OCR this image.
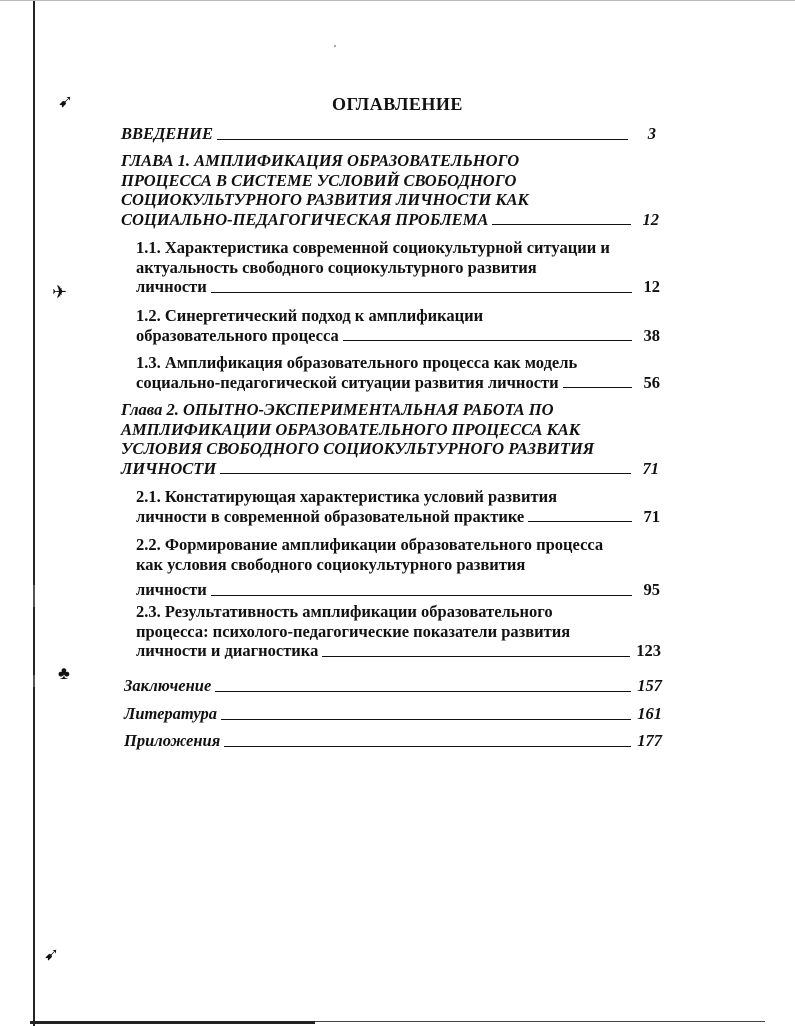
➹
✈
♣
➹
ОГЛАВЛЕНИЕ
ВВЕДЕНИЕ	3
ГЛАВА 1. АМПЛИФИКАЦИЯ ОБРАЗОВАТЕЛЬНОГО
ПРОЦЕССА В СИСТЕМЕ УСЛОВИЙ СВОБОДНОГО
СОЦИОКУЛЬТУРНОГО РАЗВИТИЯ ЛИЧНОСТИ КАК
СОЦИАЛЬНО-ПЕДАГОГИЧЕСКАЯ ПРОБЛЕМА	12
1.1. Характеристика современной социокультурной ситуации и
актуальность свободного социокультурного развития
личности	12
1.2. Синергетический подход к амплификации
образовательного процесса	38
1.3. Амплификация образовательного процесса как модель
социально-педагогической ситуации развития личности	56
Глава 2. ОПЫТНО-ЭКСПЕРИМЕНТАЛЬНАЯ РАБОТА ПО
АМПЛИФИКАЦИИ ОБРАЗОВАТЕЛЬНОГО ПРОЦЕССА КАК
УСЛОВИЯ СВОБОДНОГО СОЦИОКУЛЬТУРНОГО РАЗВИТИЯ
ЛИЧНОСТИ	71
2.1. Констатирующая характеристика условий развития
личности в современной образовательной практике	71
2.2. Формирование амплификации образовательного процесса
как условия свободного социокультурного развития
личности	95
2.3. Результативность амплификации образовательного
процесса: психолого-педагогические показатели развития
личности и диагностика	123
Заключение	157
Литература	161
Приложения	177
